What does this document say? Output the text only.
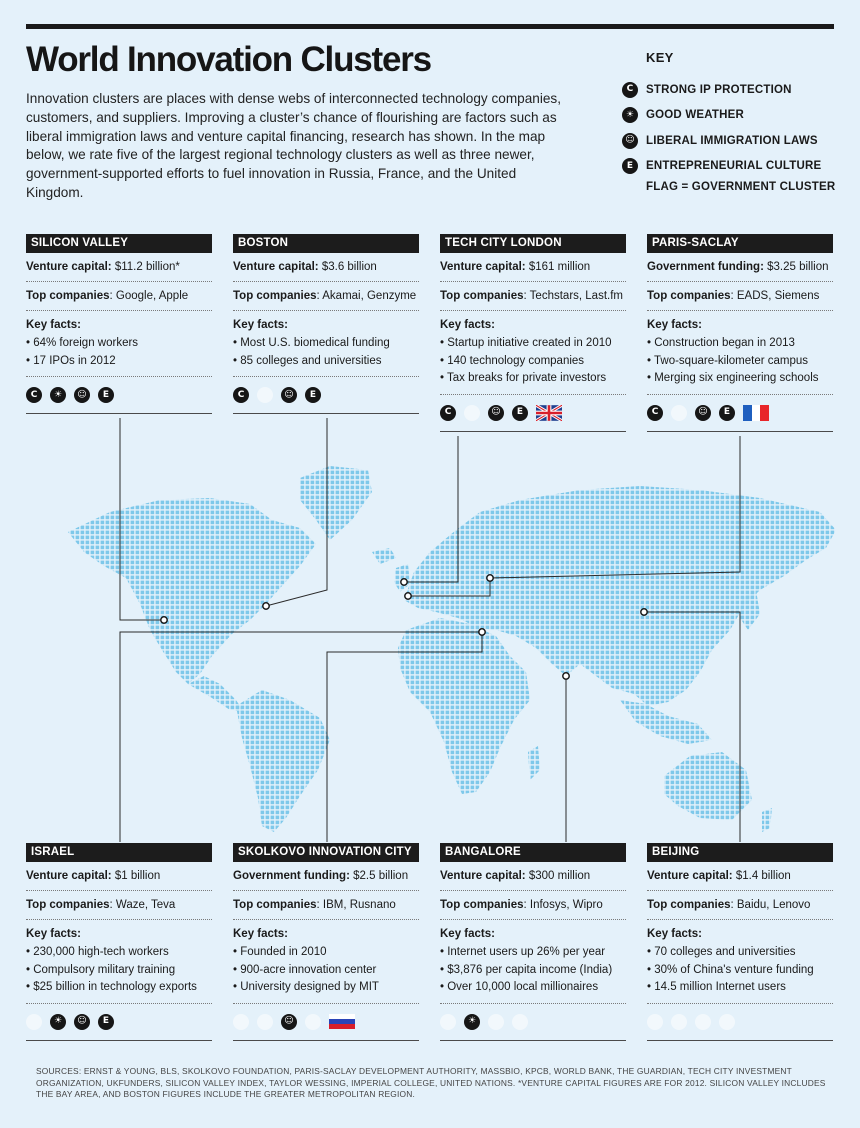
World Innovation Clusters

Innovation clusters are places with dense webs of interconnected technology companies, customers, and suppliers. Improving a cluster’s chance of flourishing are factors such as liberal immigration laws and venture capital financing, research has shown. In the map below, we rate five of the largest regional technology clusters as well as three newer, government-supported efforts to fuel innovation in Russia, France, and the United Kingdom.

KEY
C	STRONG IP PROTECTION
☀	GOOD WEATHER
☺ LIBERAL IMMIGRATION LAWS
E	ENTREPRENEURIAL CULTURE
FLAG = GOVERNMENT CLUSTER
SILICON VALLEY
Venture capital: $11.2 billion*
Top companies: Google, Apple
Key facts:
• 64% foreign workers
• 17 IPOs in 2012
C	☀	☺	E
BOSTON
Venture capital: $3.6 billion
Top companies: Akamai, Genzyme
Key facts:
• Most U.S. biomedical funding
• 85 colleges and universities
C	☀	☺	E
TECH CITY LONDON
Venture capital: $161 million
Top companies: Techstars, Last.fm
Key facts:
• Startup initiative created in 2010
• 140 technology companies
• Tax breaks for private investors
C	☀	☺	E
PARIS-SACLAY
Government funding: $3.25 billion
Top companies: EADS, Siemens
Key facts:
• Construction began in 2013
• Two-square-kilometer campus
• Merging six engineering schools
C	☀	☺	E
ISRAEL
Venture capital: $1 billion
Top companies: Waze, Teva
Key facts:
• 230,000 high-tech workers
• Compulsory military training
• $25 billion in technology exports
C	☀	☺	E
SKOLKOVO INNOVATION CITY
Government funding: $2.5 billion
Top companies: IBM, Rusnano
Key facts:
• Founded in 2010
• 900-acre innovation center
• University designed by MIT
C	☀	☺	E
BANGALORE
Venture capital: $300 million
Top companies: Infosys, Wipro
Key facts:
• Internet users up 26% per year
• $3,876 per capita income (India)
• Over 10,000 local millionaires
C	☀	☺	E
BEIJING
Venture capital: $1.4 billion
Top companies: Baidu, Lenovo
Key facts:
• 70 colleges and universities
• 30% of China's venture funding
• 14.5 million Internet users
C	☀	☺	E

SOURCES: ERNST & YOUNG, BLS, SKOLKOVO FOUNDATION, PARIS-SACLAY DEVELOPMENT AUTHORITY, MASSBIO, KPCB, WORLD BANK, THE GUARDIAN, TECH CITY INVESTMENT ORGANIZATION, UKFUNDERS, SILICON VALLEY INDEX, TAYLOR WESSING, IMPERIAL COLLEGE, UNITED NATIONS. *VENTURE CAPITAL FIGURES ARE FOR 2012. SILICON VALLEY INCLUDES THE BAY AREA, AND BOSTON FIGURES INCLUDE THE GREATER METROPOLITAN REGION.
